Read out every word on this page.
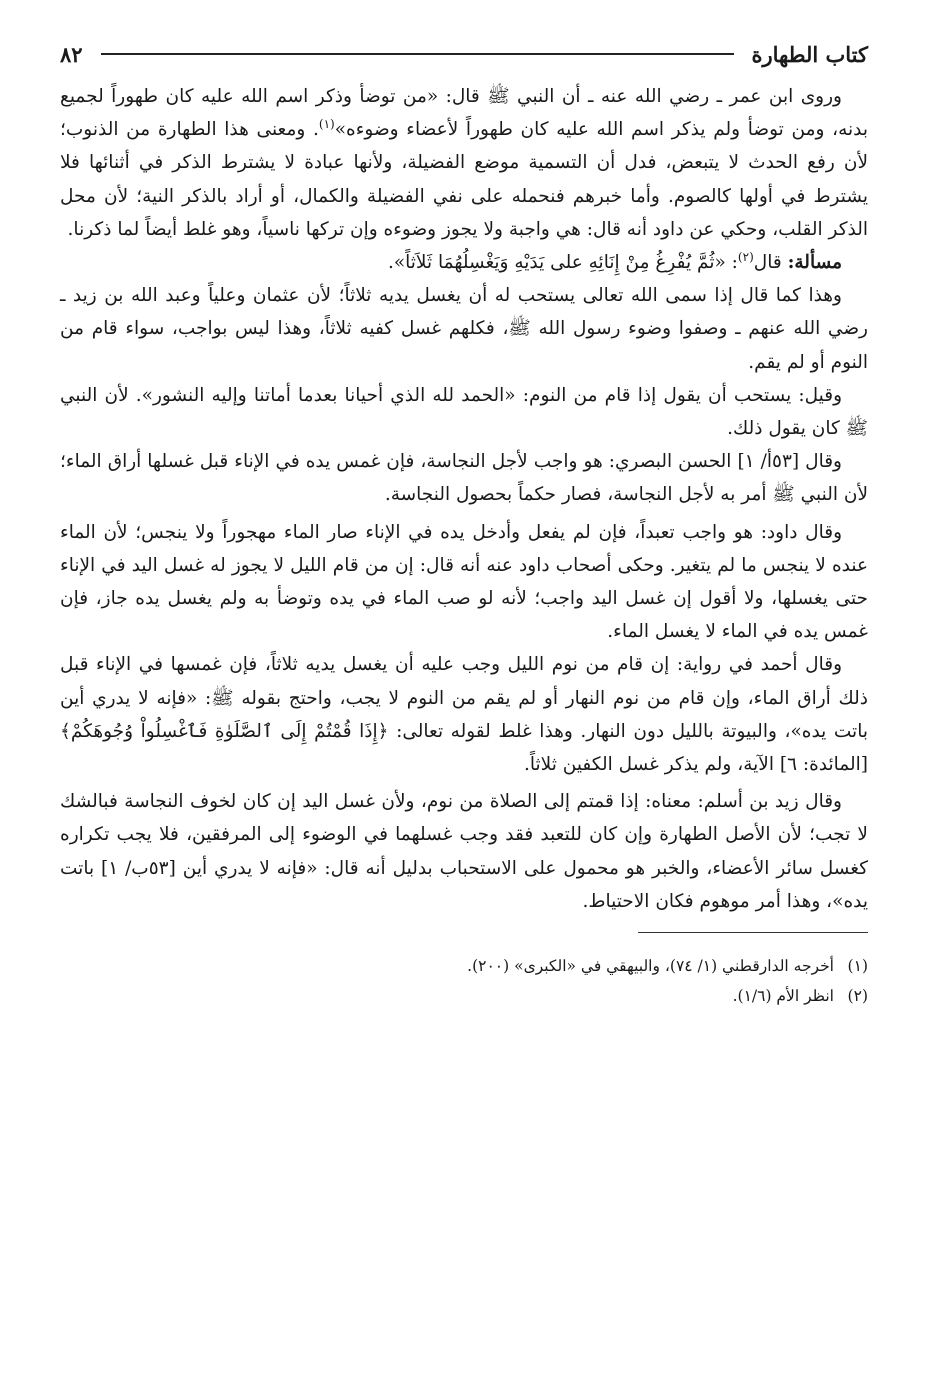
كتاب الطهارة
٨٢

وروى ابن عمر ـ رضي الله عنه ـ أن النبي ﷺ قال: «من توضأ وذكر اسم الله عليه كان طهوراً لجميع بدنه، ومن توضأ ولم يذكر اسم الله عليه كان طهوراً لأعضاء وضوءه»$^{(١)}$. ومعنى هذا الطهارة من الذنوب؛ لأن رفع الحدث لا يتبعض، فدل أن التسمية موضع الفضيلة، ولأنها عبادة لا يشترط الذكر في أثنائها فلا يشترط في أولها كالصوم. وأما خبرهم فنحمله على نفي الفضيلة والكمال، أو أراد بالذكر النية؛ لأن محل الذكر القلب، وحكي عن داود أنه قال: هي واجبة ولا يجوز وضوءه وإن تركها ناسياً، وهو غلط أيضاً لما ذكرنا.

مسألة: قال$^{(٢)}$: «ثُمَّ يُفْرِغُ مِنْ إِنَائِهِ على يَدَيْهِ وَيَغْسِلُهُمَا ثَلاَثاً».

وهذا كما قال إذا سمى الله تعالى يستحب له أن يغسل يديه ثلاثاً؛ لأن عثمان وعلياً وعبد الله بن زيد ـ رضي الله عنهم ـ وصفوا وضوء رسول الله ﷺ، فكلهم غسل كفيه ثلاثاً، وهذا ليس بواجب، سواء قام من النوم أو لم يقم.

وقيل: يستحب أن يقول إذا قام من النوم: «الحمد لله الذي أحيانا بعدما أماتنا وإليه النشور». لأن النبي ﷺ كان يقول ذلك.

وقال [٥٣أ/ ١] الحسن البصري: هو واجب لأجل النجاسة، فإن غمس يده في الإناء قبل غسلها أراق الماء؛ لأن النبي ﷺ أمر به لأجل النجاسة، فصار حكماً بحصول النجاسة.

وقال داود: هو واجب تعبداً، فإن لم يفعل وأدخل يده في الإناء صار الماء مهجوراً ولا ينجس؛ لأن الماء عنده لا ينجس ما لم يتغير. وحكى أصحاب داود عنه أنه قال: إن من قام الليل لا يجوز له غسل اليد في الإناء حتى يغسلها، ولا أقول إن غسل اليد واجب؛ لأنه لو صب الماء في يده وتوضأ به ولم يغسل يده جاز، فإن غمس يده في الماء لا يغسل الماء.

وقال أحمد في رواية: إن قام من نوم الليل وجب عليه أن يغسل يديه ثلاثاً، فإن غمسها في الإناء قبل ذلك أراق الماء، وإن قام من نوم النهار أو لم يقم من النوم لا يجب، واحتج بقوله ﷺ: «فإنه لا يدري أين باتت يده»، والبيوتة بالليل دون النهار. وهذا غلط لقوله تعالى: ﴿إِذَا قُمْتُمْ إِلَى ٱلصَّلَوٰةِ فَٱغْسِلُواْ وُجُوهَكُمْ﴾ [المائدة: ٦] الآية، ولم يذكر غسل الكفين ثلاثاً.

وقال زيد بن أسلم: معناه: إذا قمتم إلى الصلاة من نوم، ولأن غسل اليد إن كان لخوف النجاسة فبالشك لا تجب؛ لأن الأصل الطهارة وإن كان للتعبد فقد وجب غسلهما في الوضوء إلى المرفقين، فلا يجب تكراره كغسل سائر الأعضاء، والخبر هو محمول على الاستحباب بدليل أنه قال: «فإنه لا يدري أين [٥٣ب/ ١] باتت يده»، وهذا أمر موهوم فكان الاحتياط.

(١)أخرجه الدارقطني (١/ ٧٤)، والبيهقي في «الكبرى» (٢٠٠).

(٢)انظر الأم (١/٦).
